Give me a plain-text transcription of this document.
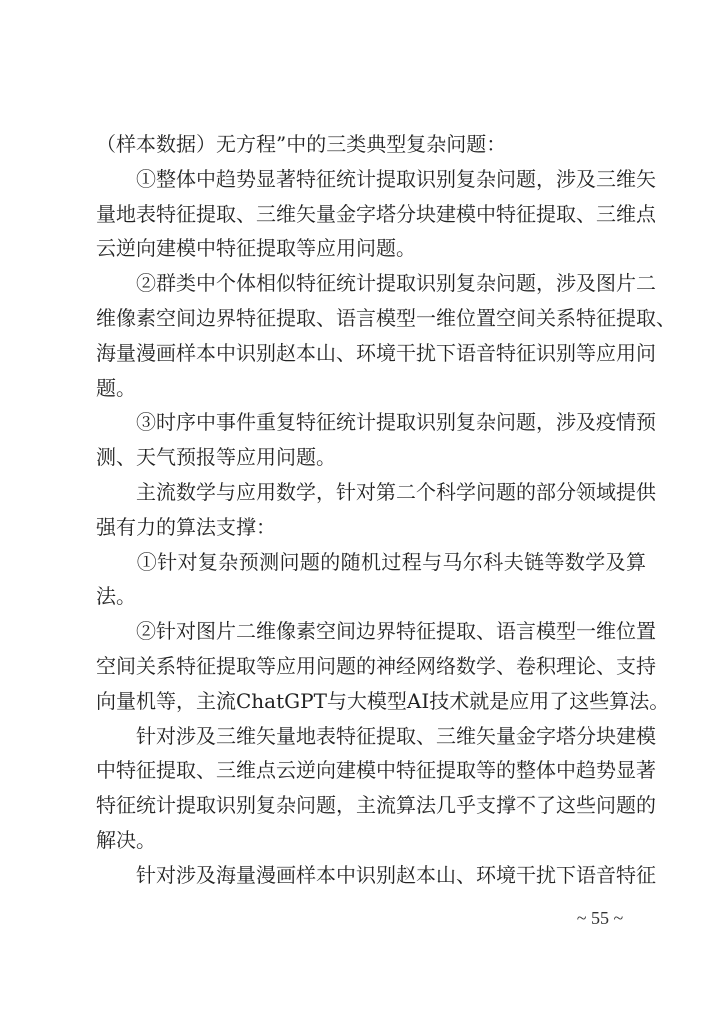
（样本数据）无方程”中的三类典型复杂问题：
　　①整体中趋势显著特征统计提取识别复杂问题，涉及三维矢
量地表特征提取、三维矢量金字塔分块建模中特征提取、三维点
云逆向建模中特征提取等应用问题。
　　②群类中个体相似特征统计提取识别复杂问题，涉及图片二
维像素空间边界特征提取、语言模型一维位置空间关系特征提取、
海量漫画样本中识别赵本山、环境干扰下语音特征识别等应用问
题。
　　③时序中事件重复特征统计提取识别复杂问题，涉及疫情预
测、天气预报等应用问题。
　　主流数学与应用数学，针对第二个科学问题的部分领域提供
强有力的算法支撑：
　　①针对复杂预测问题的随机过程与马尔科夫链等数学及算
法。
　　②针对图片二维像素空间边界特征提取、语言模型一维位置
空间关系特征提取等应用问题的神经网络数学、卷积理论、支持
向量机等，主流ChatGPT与大模型AI技术就是应用了这些算法。
　　针对涉及三维矢量地表特征提取、三维矢量金字塔分块建模
中特征提取、三维点云逆向建模中特征提取等的整体中趋势显著
特征统计提取识别复杂问题，主流算法几乎支撑不了这些问题的
解决。
　　针对涉及海量漫画样本中识别赵本山、环境干扰下语音特征
~ 55 ~
